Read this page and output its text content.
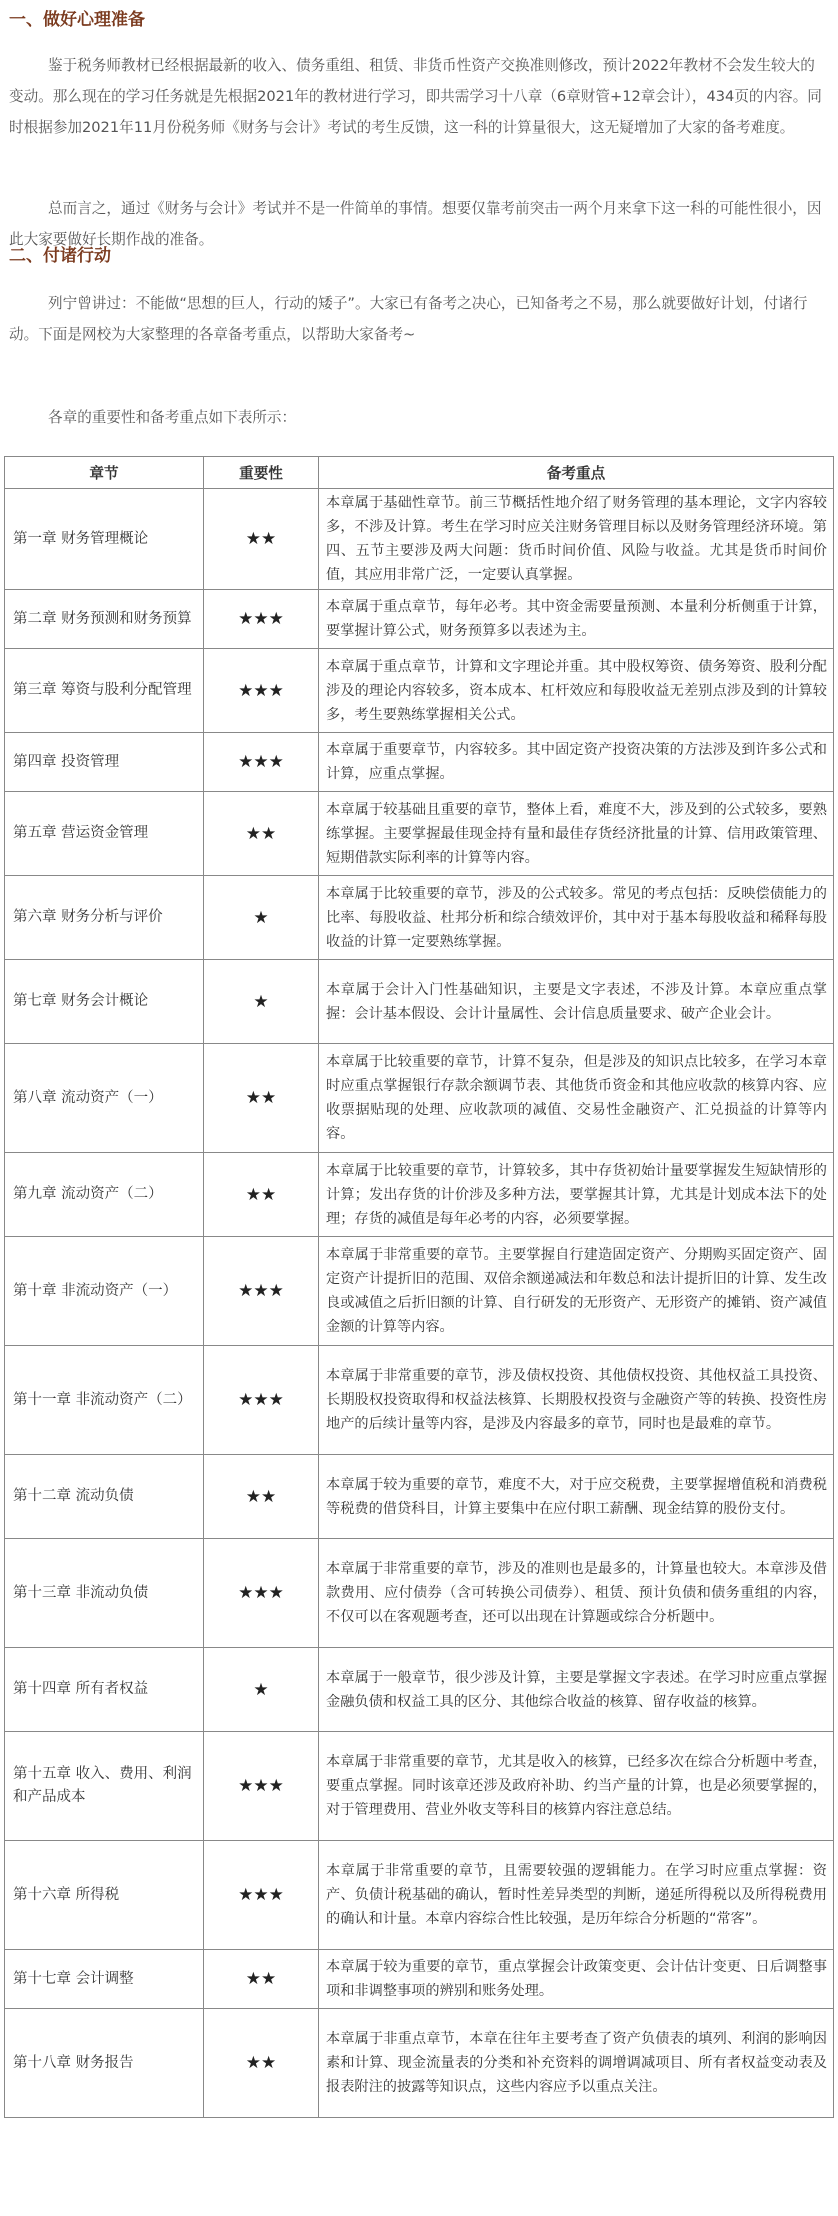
一、做好心理准备

鉴于税务师教材已经根据最新的收入、债务重组、租赁、非货币性资产交换准则修改，预计2022年教材不会发生较大的变动。那么现在的学习任务就是先根据2021年的教材进行学习，即共需学习十八章（6章财管+12章会计），434页的内容。同时根据参加2021年11月份税务师《财务与会计》考试的考生反馈，这一科的计算量很大，这无疑增加了大家的备考难度。

总而言之，通过《财务与会计》考试并不是一件简单的事情。想要仅靠考前突击一两个月来拿下这一科的可能性很小，因此大家要做好长期作战的准备。

二、付诸行动

列宁曾讲过：不能做“思想的巨人，行动的矮子”。大家已有备考之决心，已知备考之不易，那么就要做好计划，付诸行动。下面是网校为大家整理的各章备考重点，以帮助大家备考~

各章的重要性和备考重点如下表所示：

章节	重要性	备考重点
第一章 财务管理概论	★★	本章属于基础性章节。前三节概括性地介绍了财务管理的基本理论，文字内容较多，不涉及计算。考生在学习时应关注财务管理目标以及财务管理经济环境。第四、五节主要涉及两大问题：货币时间价值、风险与收益。尤其是货币时间价值，其应用非常广泛，一定要认真掌握。
第二章 财务预测和财务预算	★★★	本章属于重点章节，每年必考。其中资金需要量预测、本量利分析侧重于计算，要掌握计算公式，财务预算多以表述为主。
第三章 筹资与股利分配管理	★★★	本章属于重点章节，计算和文字理论并重。其中股权筹资、债务筹资、股利分配涉及的理论内容较多，资本成本、杠杆效应和每股收益无差别点涉及到的计算较多，考生要熟练掌握相关公式。
第四章 投资管理	★★★	本章属于重要章节，内容较多。其中固定资产投资决策的方法涉及到许多公式和计算，应重点掌握。
第五章 营运资金管理	★★	本章属于较基础且重要的章节，整体上看，难度不大，涉及到的公式较多，要熟练掌握。主要掌握最佳现金持有量和最佳存货经济批量的计算、信用政策管理、短期借款实际利率的计算等内容。
第六章 财务分析与评价	★	本章属于比较重要的章节，涉及的公式较多。常见的考点包括：反映偿债能力的比率、每股收益、杜邦分析和综合绩效评价，其中对于基本每股收益和稀释每股收益的计算一定要熟练掌握。
第七章 财务会计概论	★	本章属于会计入门性基础知识，主要是文字表述，不涉及计算。本章应重点掌握：会计基本假设、会计计量属性、会计信息质量要求、破产企业会计。
第八章 流动资产（一）	★★	本章属于比较重要的章节，计算不复杂，但是涉及的知识点比较多，在学习本章时应重点掌握银行存款余额调节表、其他货币资金和其他应收款的核算内容、应收票据贴现的处理、应收款项的减值、交易性金融资产、汇兑损益的计算等内容。
第九章 流动资产（二）	★★	本章属于比较重要的章节，计算较多，其中存货初始计量要掌握发生短缺情形的计算；发出存货的计价涉及多种方法，要掌握其计算，尤其是计划成本法下的处理；存货的减值是每年必考的内容，必须要掌握。
第十章 非流动资产（一）	★★★	本章属于非常重要的章节。主要掌握自行建造固定资产、分期购买固定资产、固定资产计提折旧的范围、双倍余额递减法和年数总和法计提折旧的计算、发生改良或减值之后折旧额的计算、自行研发的无形资产、无形资产的摊销、资产减值金额的计算等内容。
第十一章 非流动资产（二）	★★★	本章属于非常重要的章节，涉及债权投资、其他债权投资、其他权益工具投资、长期股权投资取得和权益法核算、长期股权投资与金融资产等的转换、投资性房地产的后续计量等内容，是涉及内容最多的章节，同时也是最难的章节。
第十二章 流动负债	★★	本章属于较为重要的章节，难度不大，对于应交税费，主要掌握增值税和消费税等税费的借贷科目，计算主要集中在应付职工薪酬、现金结算的股份支付。
第十三章 非流动负债	★★★	本章属于非常重要的章节，涉及的准则也是最多的，计算量也较大。本章涉及借款费用、应付债券（含可转换公司债券）、租赁、预计负债和债务重组的内容，不仅可以在客观题考查，还可以出现在计算题或综合分析题中。
第十四章 所有者权益	★	本章属于一般章节，很少涉及计算，主要是掌握文字表述。在学习时应重点掌握金融负债和权益工具的区分、其他综合收益的核算、留存收益的核算。
第十五章 收入、费用、利润和产品成本	★★★	本章属于非常重要的章节，尤其是收入的核算，已经多次在综合分析题中考查，要重点掌握。同时该章还涉及政府补助、约当产量的计算，也是必须要掌握的，对于管理费用、营业外收支等科目的核算内容注意总结。
第十六章 所得税	★★★	本章属于非常重要的章节，且需要较强的逻辑能力。在学习时应重点掌握：资产、负债计税基础的确认，暂时性差异类型的判断，递延所得税以及所得税费用的确认和计量。本章内容综合性比较强，是历年综合分析题的“常客”。
第十七章 会计调整	★★	本章属于较为重要的章节，重点掌握会计政策变更、会计估计变更、日后调整事项和非调整事项的辨别和账务处理。
第十八章 财务报告	★★	本章属于非重点章节，本章在往年主要考查了资产负债表的填列、利润的影响因素和计算、现金流量表的分类和补充资料的调增调减项目、所有者权益变动表及报表附注的披露等知识点，这些内容应予以重点关注。
